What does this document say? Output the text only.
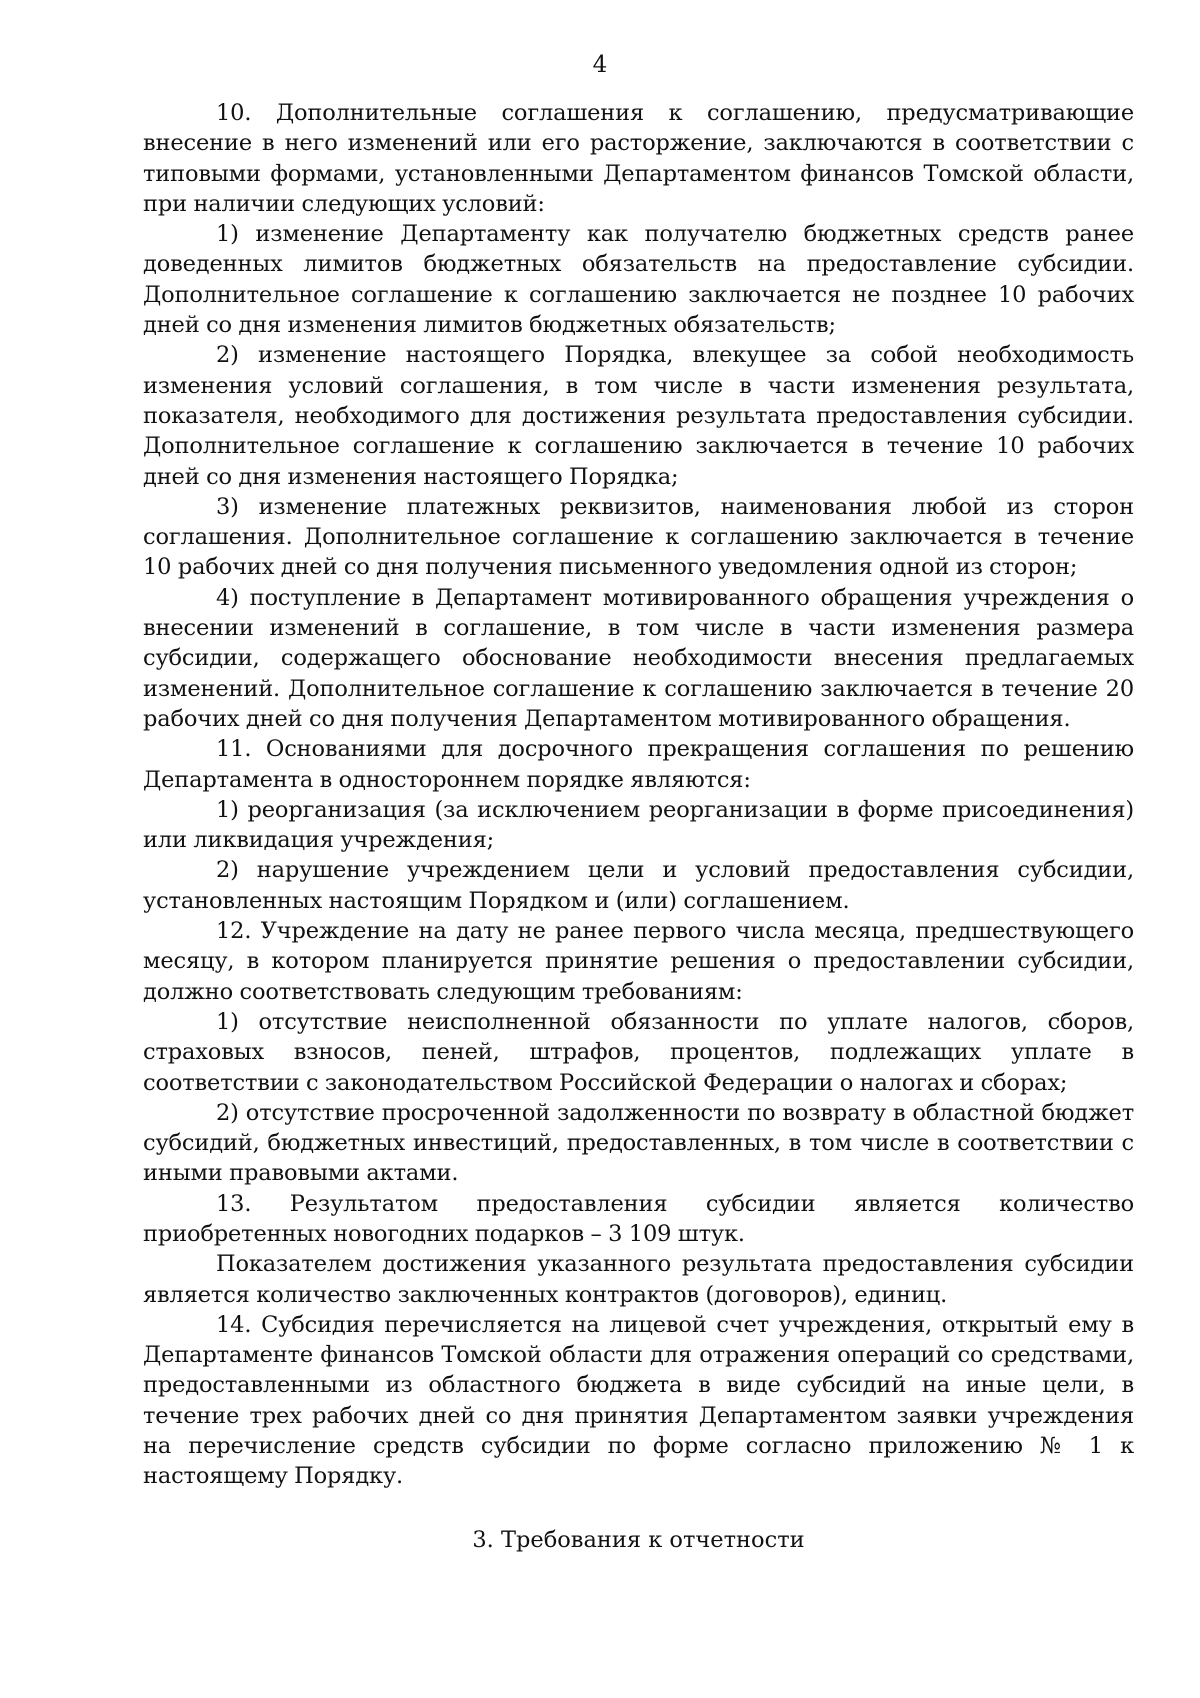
4

10. Дополнительные соглашения к соглашению, предусматривающие внесение в него изменений или его расторжение, заключаются в соответствии с типовыми формами, установленными Департаментом финансов Томской области, при наличии следующих условий:

1) изменение Департаменту как получателю бюджетных средств ранее доведенных лимитов бюджетных обязательств на предоставление субсидии. Дополнительное соглашение к соглашению заключается не позднее 10 рабочих дней со дня изменения лимитов бюджетных обязательств;

2) изменение настоящего Порядка, влекущее за собой необходимость изменения условий соглашения, в том числе в части изменения результата, показателя, необходимого для достижения результата предоставления субсидии. Дополнительное соглашение к соглашению заключается в течение 10 рабочих дней со дня изменения настоящего Порядка;

3) изменение платежных реквизитов, наименования любой из сторон соглашения. Дополнительное соглашение к соглашению заключается в течение 10 рабочих дней со дня получения письменного уведомления одной из сторон;

4) поступление в Департамент мотивированного обращения учреждения о внесении изменений в соглашение, в том числе в части изменения размера субсидии, содержащего обоснование необходимости внесения предлагаемых изменений. Дополнительное соглашение к соглашению заключается в течение 20 рабочих дней со дня получения Департаментом мотивированного обращения.

11. Основаниями для досрочного прекращения соглашения по решению Департамента в одностороннем порядке являются:

1) реорганизация (за исключением реорганизации в форме присоединения) или ликвидация учреждения;

2) нарушение учреждением цели и условий предоставления субсидии, установленных настоящим Порядком и (или) соглашением.

12. Учреждение на дату не ранее первого числа месяца, предшествующего месяцу, в котором планируется принятие решения о предоставлении субсидии, должно соответствовать следующим требованиям:

1) отсутствие неисполненной обязанности по уплате налогов, сборов, страховых взносов, пеней, штрафов, процентов, подлежащих уплате в соответствии с законодательством Российской Федерации о налогах и сборах;

2) отсутствие просроченной задолженности по возврату в областной бюджет субсидий, бюджетных инвестиций, предоставленных, в том числе в соответствии с иными правовыми актами.

13. Результатом предоставления субсидии является количество приобретенных новогодних подарков – 3 109 штук.

Показателем достижения указанного результата предоставления субсидии является количество заключенных контрактов (договоров), единиц.

14. Субсидия перечисляется на лицевой счет учреждения, открытый ему в Департаменте финансов Томской области для отражения операций со средствами, предоставленными из областного бюджета в виде субсидий на иные цели, в течение трех рабочих дней со дня принятия Департаментом заявки учреждения на перечисление средств субсидии по форме согласно приложению № 1 к настоящему Порядку.

3. Требования к отчетности
